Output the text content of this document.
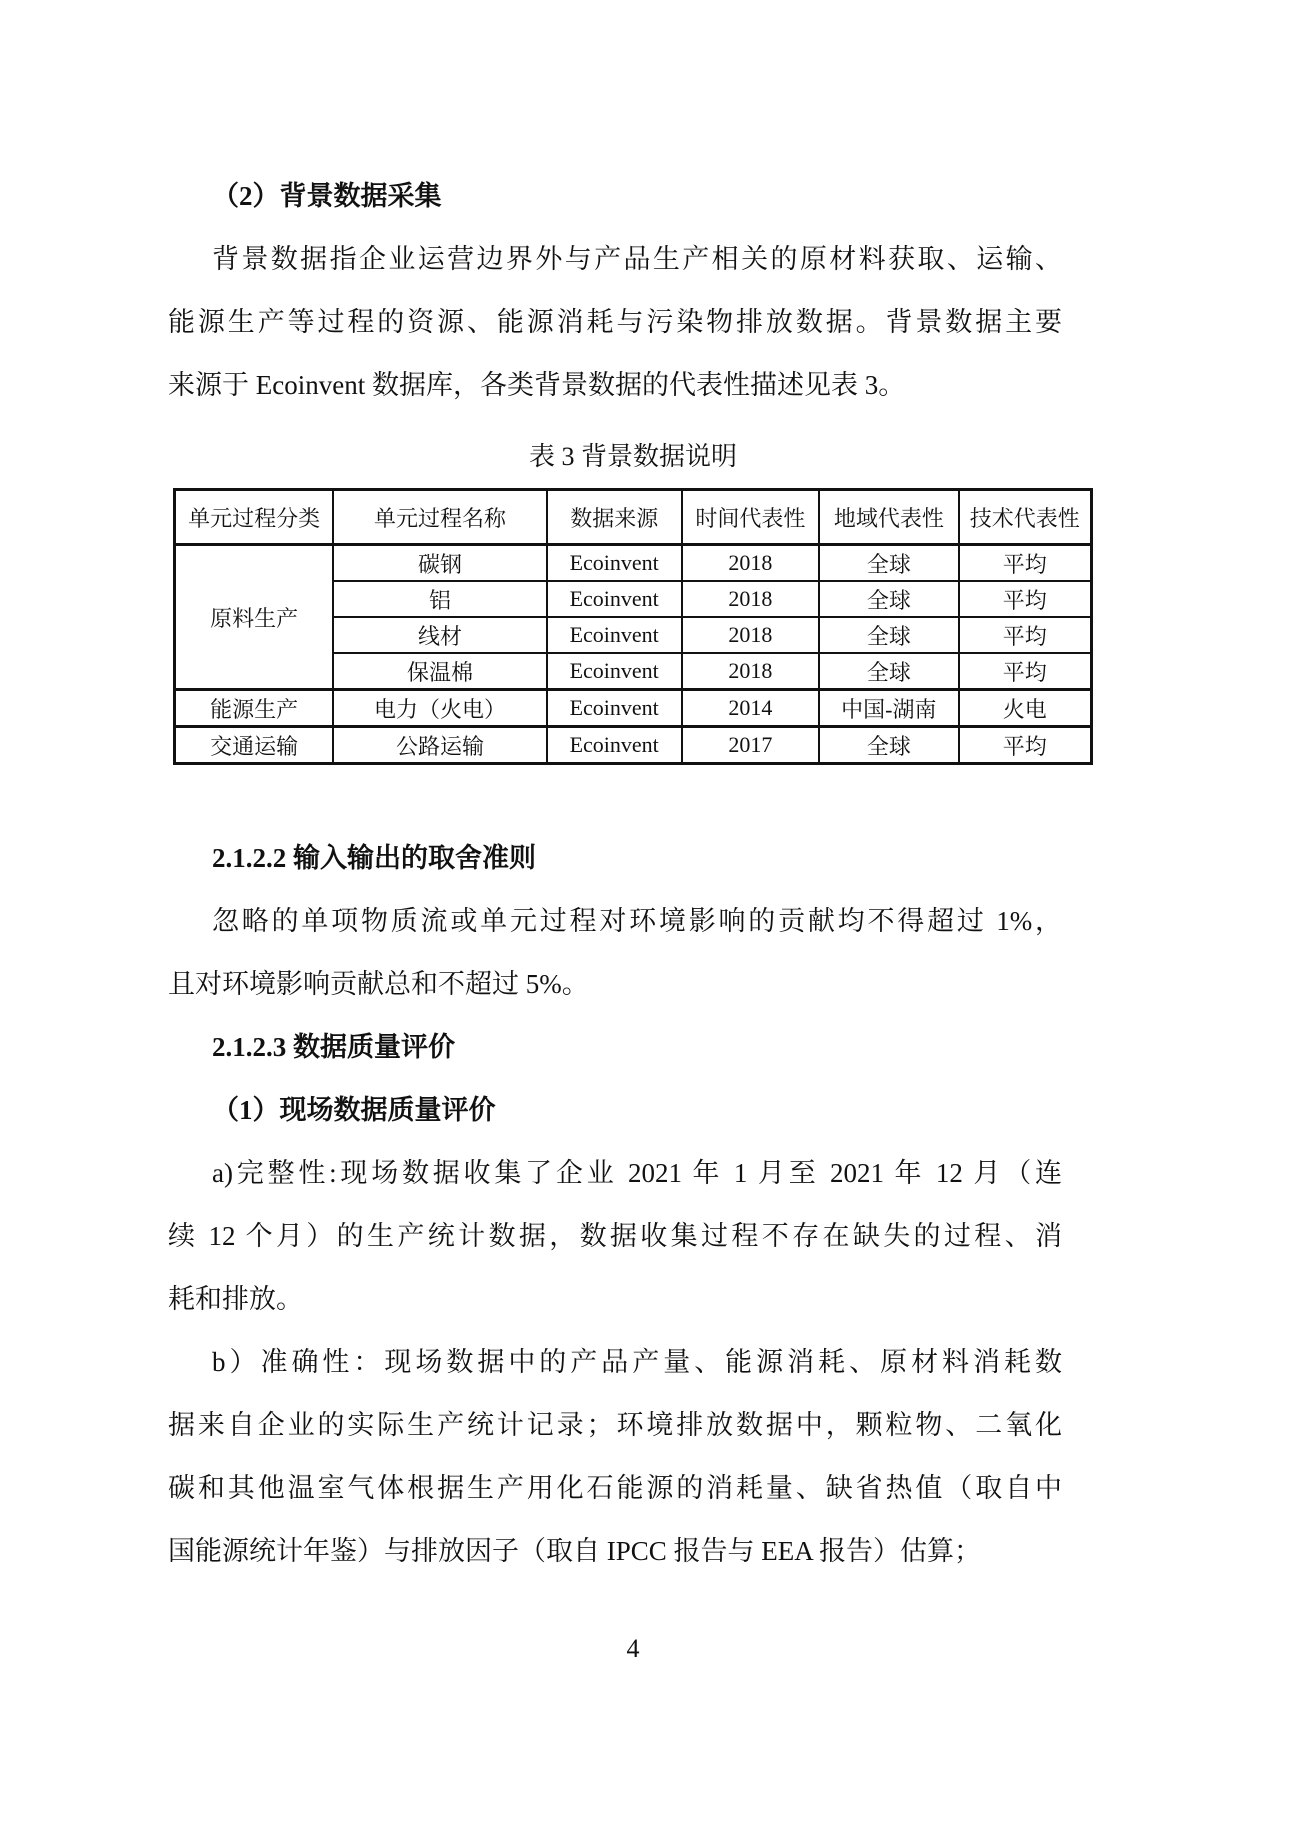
（2）背景数据采集
背景数据指企业运营边界外与产品生产相关的原材料获取、运输、
能源生产等过程的资源、能源消耗与污染物排放数据。背景数据主要
来源于 Ecoinvent 数据库，各类背景数据的代表性描述见表 3。
表 3 背景数据说明
单元过程分类	单元过程名称	数据来源	时间代表性	地域代表性	技术代表性
原料生产	碳钢	Ecoinvent	2018	全球	平均
	铝	Ecoinvent	2018	全球	平均
	线材	Ecoinvent	2018	全球	平均
	保温棉	Ecoinvent	2018	全球	平均
能源生产	电力（火电）	Ecoinvent	2014	中国-湖南	火电
交通运输	公路运输	Ecoinvent	2017	全球	平均
2.1.2.2 输入输出的取舍准则
忽略的单项物质流或单元过程对环境影响的贡献均不得超过 1%，
且对环境影响贡献总和不超过 5%。
2.1.2.3 数据质量评价
（1）现场数据质量评价
a)完整性:现场数据收集了企业 2021 年 1 月至 2021 年 12 月（连
续 12 个月）的生产统计数据，数据收集过程不存在缺失的过程、消
耗和排放。
b）准确性：现场数据中的产品产量、能源消耗、原材料消耗数
据来自企业的实际生产统计记录；环境排放数据中，颗粒物、二氧化
碳和其他温室气体根据生产用化石能源的消耗量、缺省热值（取自中
国能源统计年鉴）与排放因子（取自 IPCC 报告与 EEA 报告）估算；
4
